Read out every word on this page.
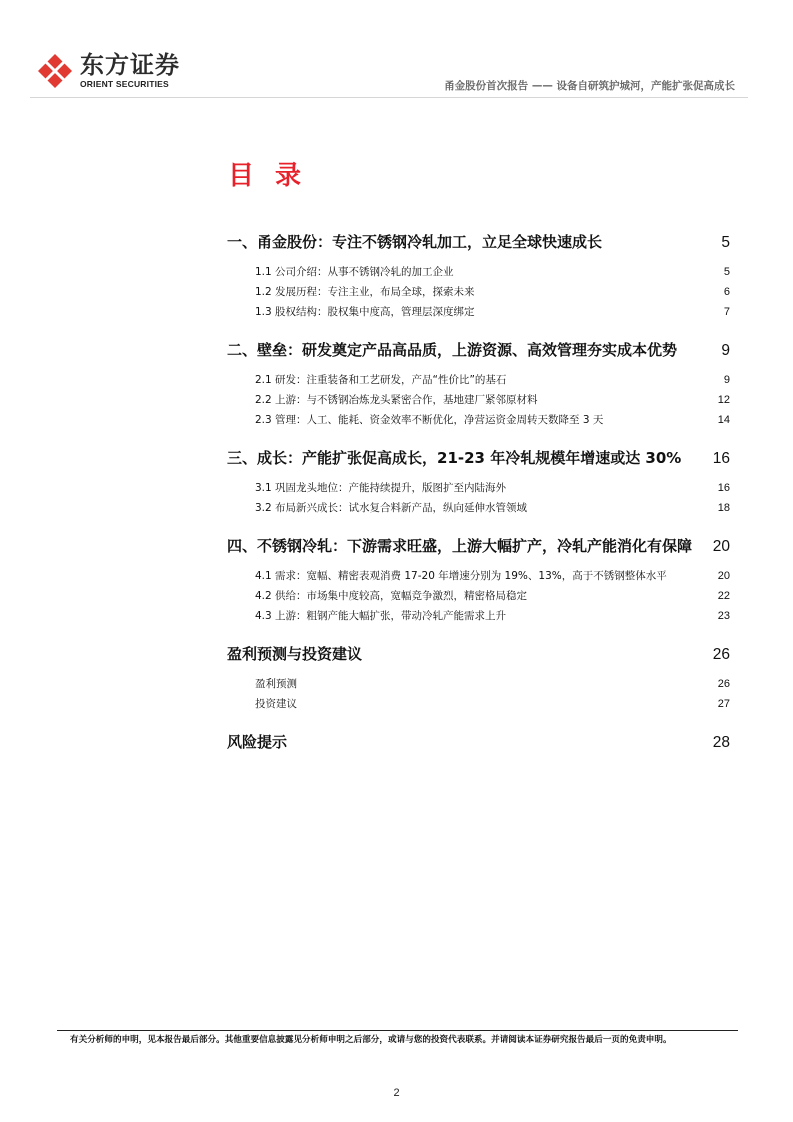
东方证券
ORIENT SECURITIES	甬金股份首次报告 —— 设备自研筑护城河，产能扩张促高成长
目 录
一、甬金股份：专注不锈钢冷轧加工，立足全球快速成长 .....	5
1.1 公司介绍：从事不锈钢冷轧的加工企业 .....	5
1.2 发展历程：专注主业，布局全球，探索未来 .....	6
1.3 股权结构：股权集中度高，管理层深度绑定 .....	7
二、壁垒：研发奠定产品高品质，上游资源、高效管理夯实成本优势 .....	9
2.1 研发：注重装备和工艺研发，产品“性价比”的基石 .....	9
2.2 上游：与不锈钢冶炼龙头紧密合作，基地建厂紧邻原材料 .....	12
2.3 管理：人工、能耗、资金效率不断优化，净营运资金周转天数降至 3 天 .....	14
三、成长：产能扩张促高成长，21-23 年冷轧规模年增速或达 30% ..... 16
3.1 巩固龙头地位：产能持续提升，版图扩至内陆海外 .....	16
3.2 布局新兴成长：试水复合料新产品，纵向延伸水管领域 .....	18
四、不锈钢冷轧：下游需求旺盛，上游大幅扩产，冷轧产能消化有保障 ..... 20
4.1 需求：宽幅、精密表观消费 17-20 年增速分别为 19%、13%，高于不锈钢整体水平 .....	20
4.2 供给：市场集中度较高，宽幅竞争激烈，精密格局稳定 .....	22
4.3 上游：粗钢产能大幅扩张，带动冷轧产能需求上升 .....	23
盈利预测与投资建议 .....	26
盈利预测 .....	26
投资建议 .....	27
风险提示 .....	28
有关分析师的申明，见本报告最后部分。其他重要信息披露见分析师申明之后部分，或请与您的投资代表联系。并请阅读本证券研究报告最后一页的免责申明。
2
